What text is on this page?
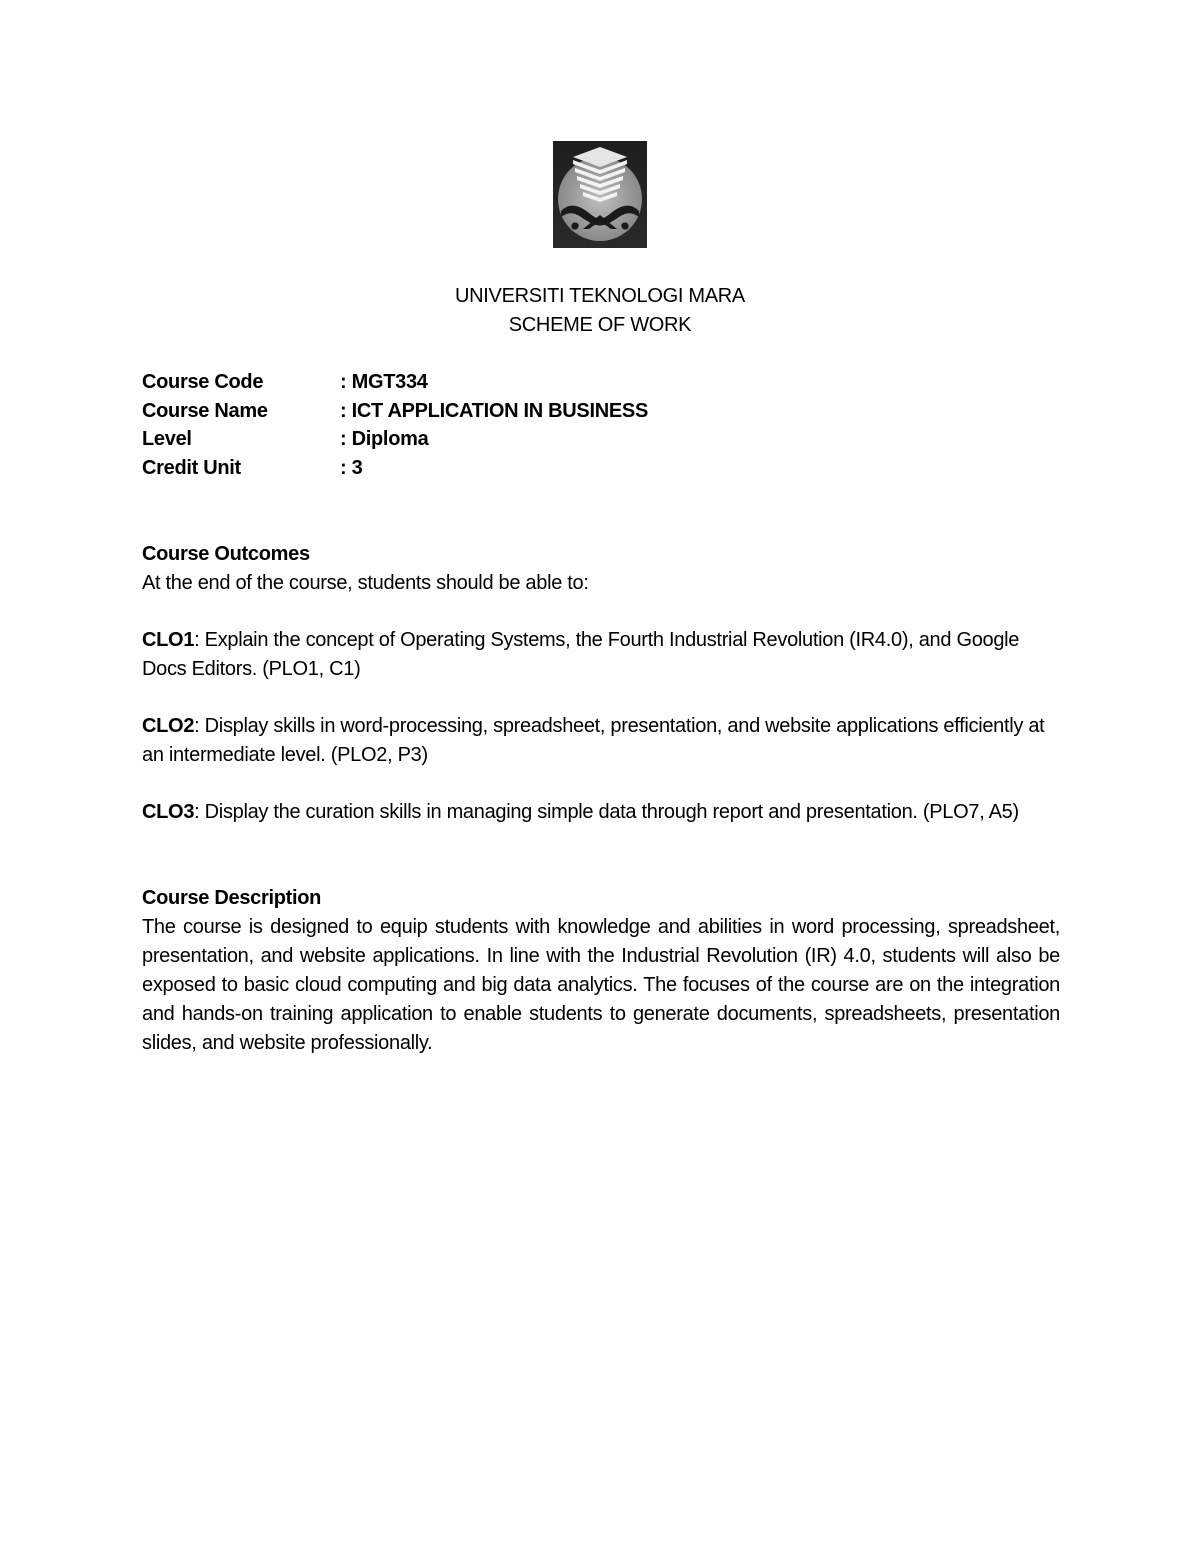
UNIVERSITI TEKNOLOGI MARA
SCHEME OF WORK
Course Code	: MGT334
Course Name	: ICT APPLICATION IN BUSINESS
Level	: Diploma
Credit Unit	: 3
Course Outcomes
At the end of the course, students should be able to:
CLO1: Explain the concept of Operating Systems, the Fourth Industrial Revolution (IR4.0), and Google Docs Editors. (PLO1, C1)
CLO2: Display skills in word-processing, spreadsheet, presentation, and website applications efficiently at an intermediate level. (PLO2, P3)
CLO3: Display the curation skills in managing simple data through report and presentation. (PLO7, A5)
Course Description
The course is designed to equip students with knowledge and abilities in word processing, spreadsheet, presentation, and website applications. In line with the Industrial Revolution (IR) 4.0, students will also be exposed to basic cloud computing and big data analytics. The focuses of the course are on the integration and hands-on training application to enable students to generate documents, spreadsheets, presentation slides, and website professionally.
